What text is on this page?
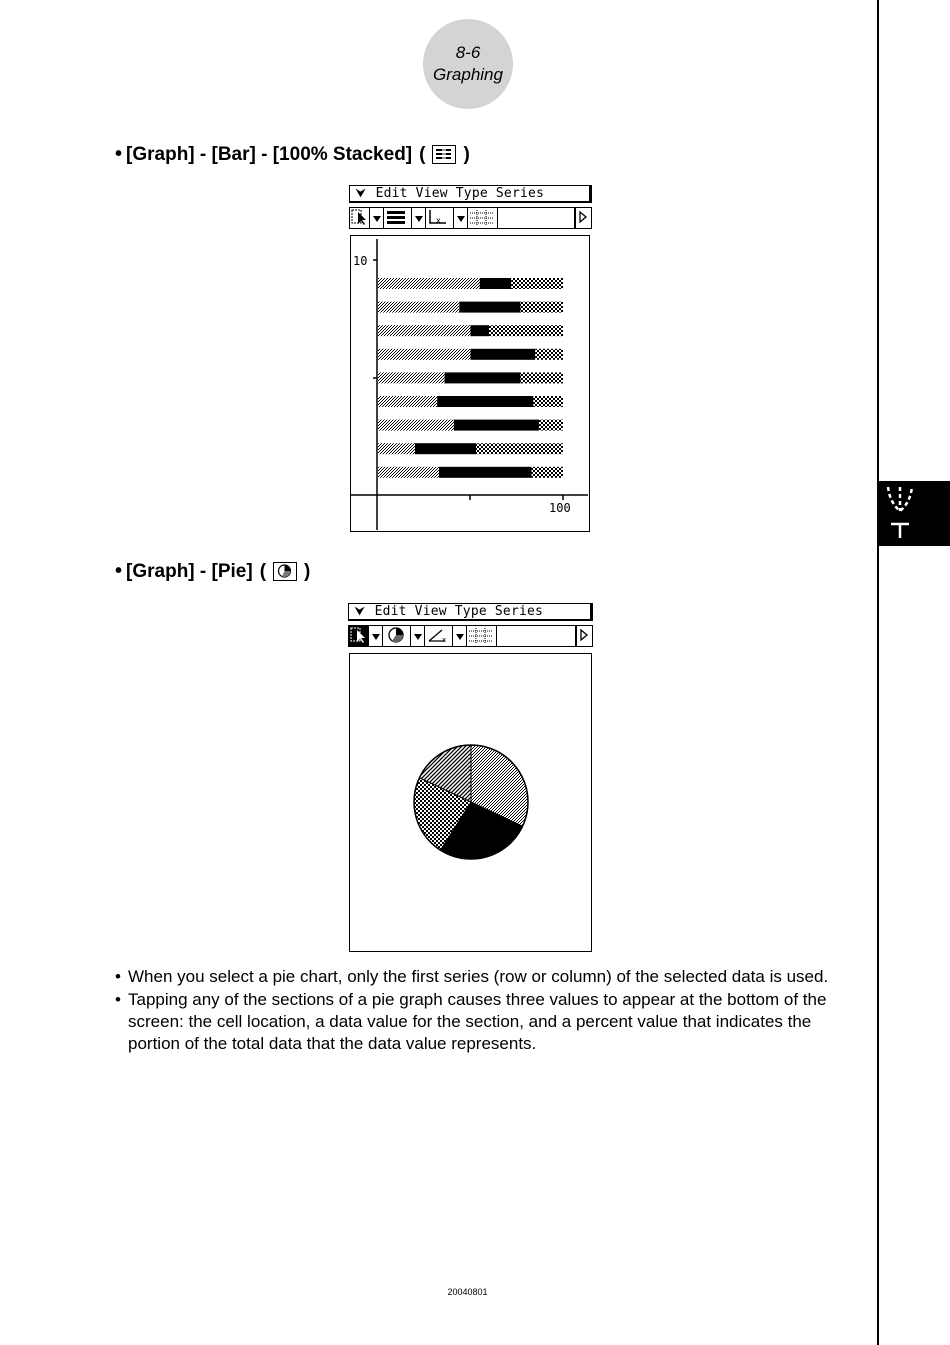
8-6
Graphing
• [Graph] - [Bar] - [100% Stacked] ( )
⮟ Edit View Type Series
x
10
100
• [Graph] - [Pie] ( )
⮟ Edit View Type Series
x
• When you select a pie chart, only the first series (row or column) of the selected data is used.
• Tapping any of the sections of a pie graph causes three values to appear at the bottom of the screen: the cell location, a data value for the section, and a percent value that indicates the portion of the total data that the data value represents.
20040801
